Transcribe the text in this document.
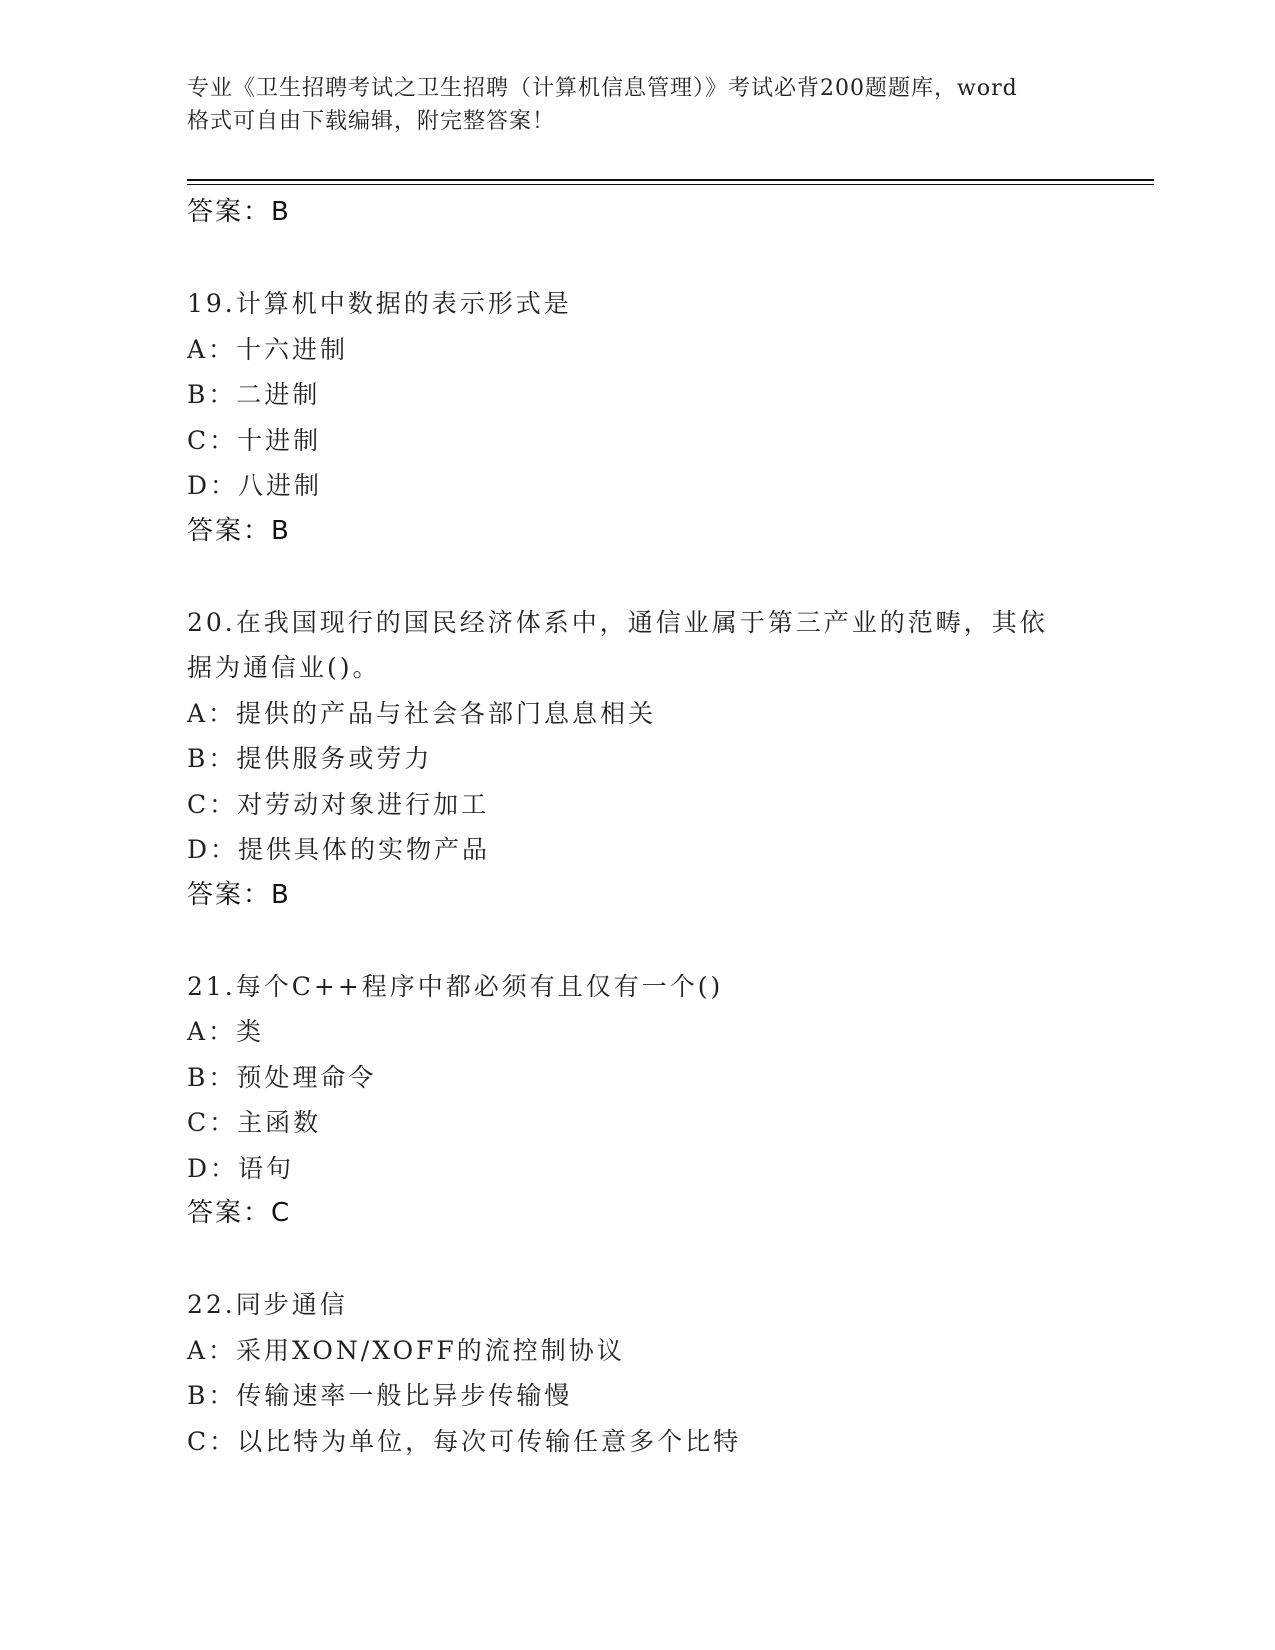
专业《卫生招聘考试之卫生招聘（计算机信息管理）》考试必背200题题库，word
格式可自由下载编辑，附完整答案！
答案：B
19.计算机中数据的表示形式是
A：十六进制
B：二进制
C：十进制
D：八进制
答案：B
20.在我国现行的国民经济体系中，通信业属于第三产业的范畴，其依
据为通信业()。
A：提供的产品与社会各部门息息相关
B：提供服务或劳力
C：对劳动对象进行加工
D：提供具体的实物产品
答案：B
21.每个C++程序中都必须有且仅有一个()
A：类
B：预处理命令
C：主函数
D：语句
答案：C
22.同步通信
A：采用XON/XOFF的流控制协议
B：传输速率一般比异步传输慢
C：以比特为单位，每次可传输任意多个比特
